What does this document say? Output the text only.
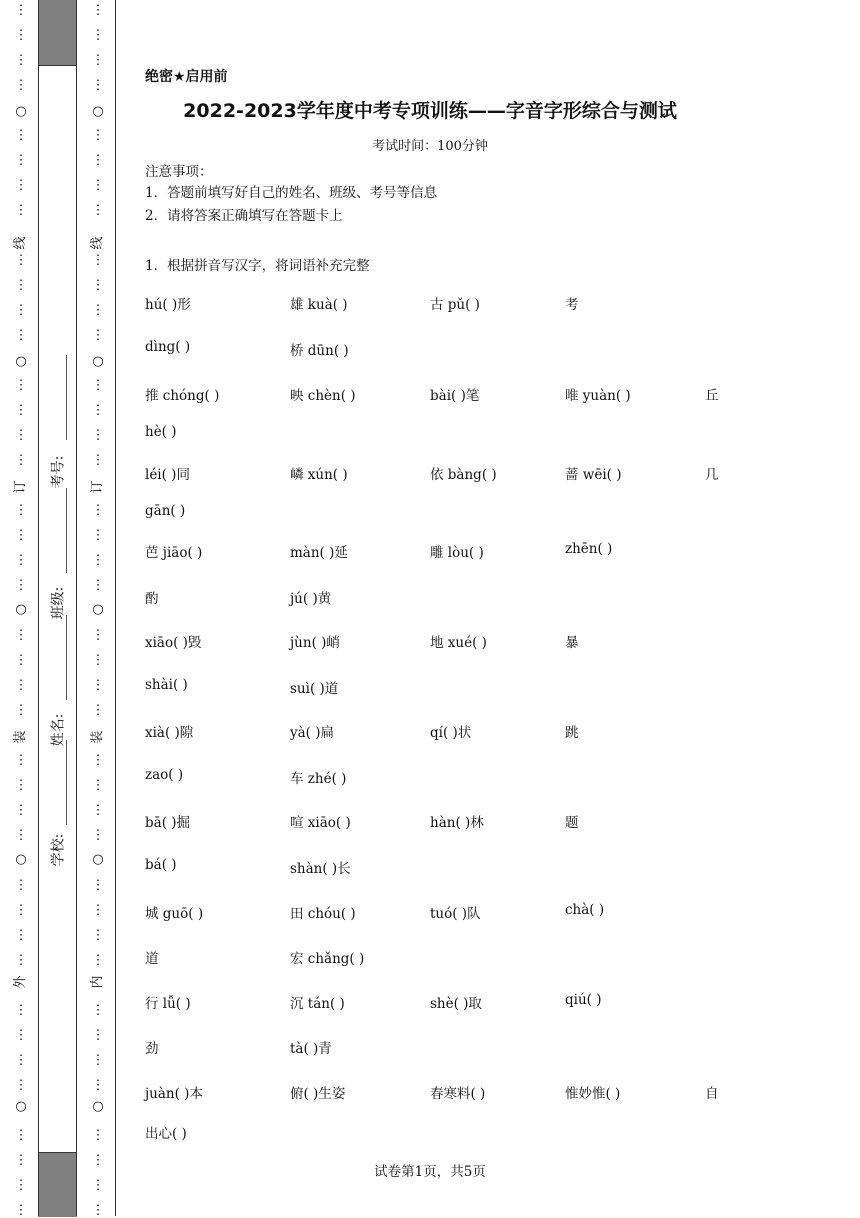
⋮
⋮
⋮
⋮
⋮
⋮
⋮
⋮
⋮
⋮
⋮
⋮
⋮
⋮
⋮
⋮
⋮
⋮
⋮
⋮
⋮
⋮
⋮
⋮
⋮
⋮
⋮
⋮
⋮
⋮
⋮
⋮
⋮
⋮
⋮
⋮
⋮
⋮
⋮
⋮
○
○
○
○
○
线
订
装
外
⋮
⋮
⋮
⋮
⋮
⋮
⋮
⋮
⋮
⋮
⋮
⋮
⋮
⋮
⋮
⋮
⋮
⋮
⋮
⋮
⋮
⋮
⋮
⋮
⋮
⋮
⋮
⋮
⋮
⋮
⋮
⋮
⋮
⋮
⋮
⋮
⋮
⋮
⋮
⋮
○
○
○
○
○
线
订
装
内
学校:
姓名:
班级:
考号:
绝密★启用前
2022-2023学年度中考专项训练——字音字形综合与测试
考试时间：100分钟
注意事项：
1．答题前填写好自己的姓名、班级、考号等信息
2．请将答案正确填写在答题卡上
1．根据拼音写汉字，将词语补充完整
hú( )形	雄 kuà( )	古 pǔ( )	考
dìng( )	桥 dūn( )
推 chóng( )	映 chèn( )	bài( )笔	唯 yuàn( )	丘
hè( )
léi( )同	嶙 xún( )	依 bàng( )	蔷 wēi( )	几
gān( )
芭 jiāo( )	màn( )延	雕 lòu( )	zhēn( )
酌	jú( )黄
xiāo( )毁	jùn( )峭	地 xué( )	暴
shài( )	suì( )道
xià( )隙	yà( )扁	qí( )状	跳
zao( )	车 zhé( )
bā( )掘	喧 xiāo( )	hàn( )林	题
bá( )	shàn( )长
城 guō( )	田 chóu( )	tuó( )队	chà( )
道	宏 chǎng( )
行 lǚ( )	沉 tán( )	shè( )取	qiú( )
劲	tà( )青
juàn( )本	俯( )生姿	春寒料( )	惟妙惟( )	自
出心( )
试卷第1页，共5页
